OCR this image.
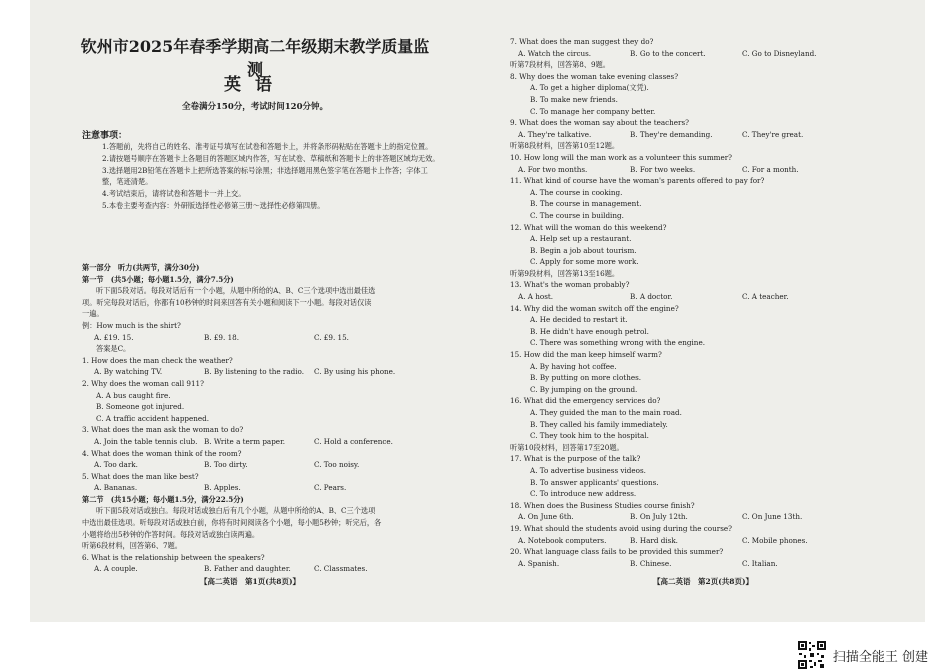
钦州市2025年春季学期高二年级期末教学质量监测
英语
全卷满分150分，考试时间120分钟。
注意事项：
1.答题前，先将自己的姓名、准考证号填写在试卷和答题卡上，并将条形码粘贴在答题卡上的指定位置。
2.请按题号顺序在答题卡上各题目的答题区域内作答，写在试卷、草稿纸和答题卡上的非答题区域均无效。
3.选择题用2B铅笔在答题卡上把所选答案的标号涂黑；非选择题用黑色签字笔在答题卡上作答；字体工整，笔迹清楚。
4.考试结束后，请将试卷和答题卡一并上交。
5.本卷主要考查内容：外研版选择性必修第三册～选择性必修第四册。
第一部分　听力(共两节，满分30分)
第一节　(共5小题；每小题1.5分，满分7.5分)
听下面5段对话。每段对话后有一个小题，从题中所给的A、B、C三个选项中选出最佳选
项。听完每段对话后，你都有10秒钟的时间来回答有关小题和阅读下一小题。每段对话仅读
一遍。
例：How much is the shirt?
A. £19. 15.	B. £9. 18.	C. £9. 15.
答案是C。
1. How does the man check the weather?
A. By watching TV.	B. By listening to the radio.	C. By using his phone.
2. Why does the woman call 911?
A. A bus caught fire.
B. Someone got injured.
C. A traffic accident happened.
3. What does the man ask the woman to do?
A. Join the table tennis club. B. Write a term paper.	C. Hold a conference.
4. What does the woman think of the room?
A. Too dark.	B. Too dirty.	C. Too noisy.
5. What does the man like best?
A. Bananas.	B. Apples.	C. Pears.
第二节　(共15小题；每小题1.5分，满分22.5分)
听下面5段对话或独白。每段对话或独白后有几个小题，从题中所给的A、B、C三个选项
中选出最佳选项。听每段对话或独白前，你将有时间阅读各个小题，每小题5秒钟；听完后，各
小题将给出5秒钟的作答时间。每段对话或独白读两遍。
听第6段材料，回答第6、7题。
6. What is the relationship between the speakers?
A. A couple.	B. Father and daughter.	C. Classmates.
【高二英语　第1页(共8页)】
7. What does the man suggest they do?
A. Watch the circus.	B. Go to the concert.	C. Go to Disneyland.
听第7段材料，回答第8、9题。
8. Why does the woman take evening classes?
A. To get a higher diploma(文凭).
B. To make new friends.
C. To manage her company better.
9. What does the woman say about the teachers?
A. They're talkative.	B. They're demanding.	C. They're great.
听第8段材料，回答第10至12题。
10. How long will the man work as a volunteer this summer?
A. For two months.	B. For two weeks.	C. For a month.
11. What kind of course have the woman's parents offered to pay for?
A. The course in cooking.
B. The course in management.
C. The course in building.
12. What will the woman do this weekend?
A. Help set up a restaurant.
B. Begin a job about tourism.
C. Apply for some more work.
听第9段材料，回答第13至16题。
13. What's the woman probably?
A. A host.	B. A doctor.	C. A teacher.
14. Why did the woman switch off the engine?
A. He decided to restart it.
B. He didn't have enough petrol.
C. There was something wrong with the engine.
15. How did the man keep himself warm?
A. By having hot coffee.
B. By putting on more clothes.
C. By jumping on the ground.
16. What did the emergency services do?
A. They guided the man to the main road.
B. They called his family immediately.
C. They took him to the hospital.
听第10段材料，回答第17至20题。
17. What is the purpose of the talk?
A. To advertise business videos.
B. To answer applicants' questions.
C. To introduce new address.
18. When does the Business Studies course finish?
A. On June 6th.	B. On July 12th.	C. On June 13th.
19. What should the students avoid using during the course?
A. Notebook computers.	B. Hard disk.	C. Mobile phones.
20. What language class fails to be provided this summer?
A. Spanish.	B. Chinese.	C. Italian.
【高二英语　第2页(共8页)】
扫描全能王 创建
